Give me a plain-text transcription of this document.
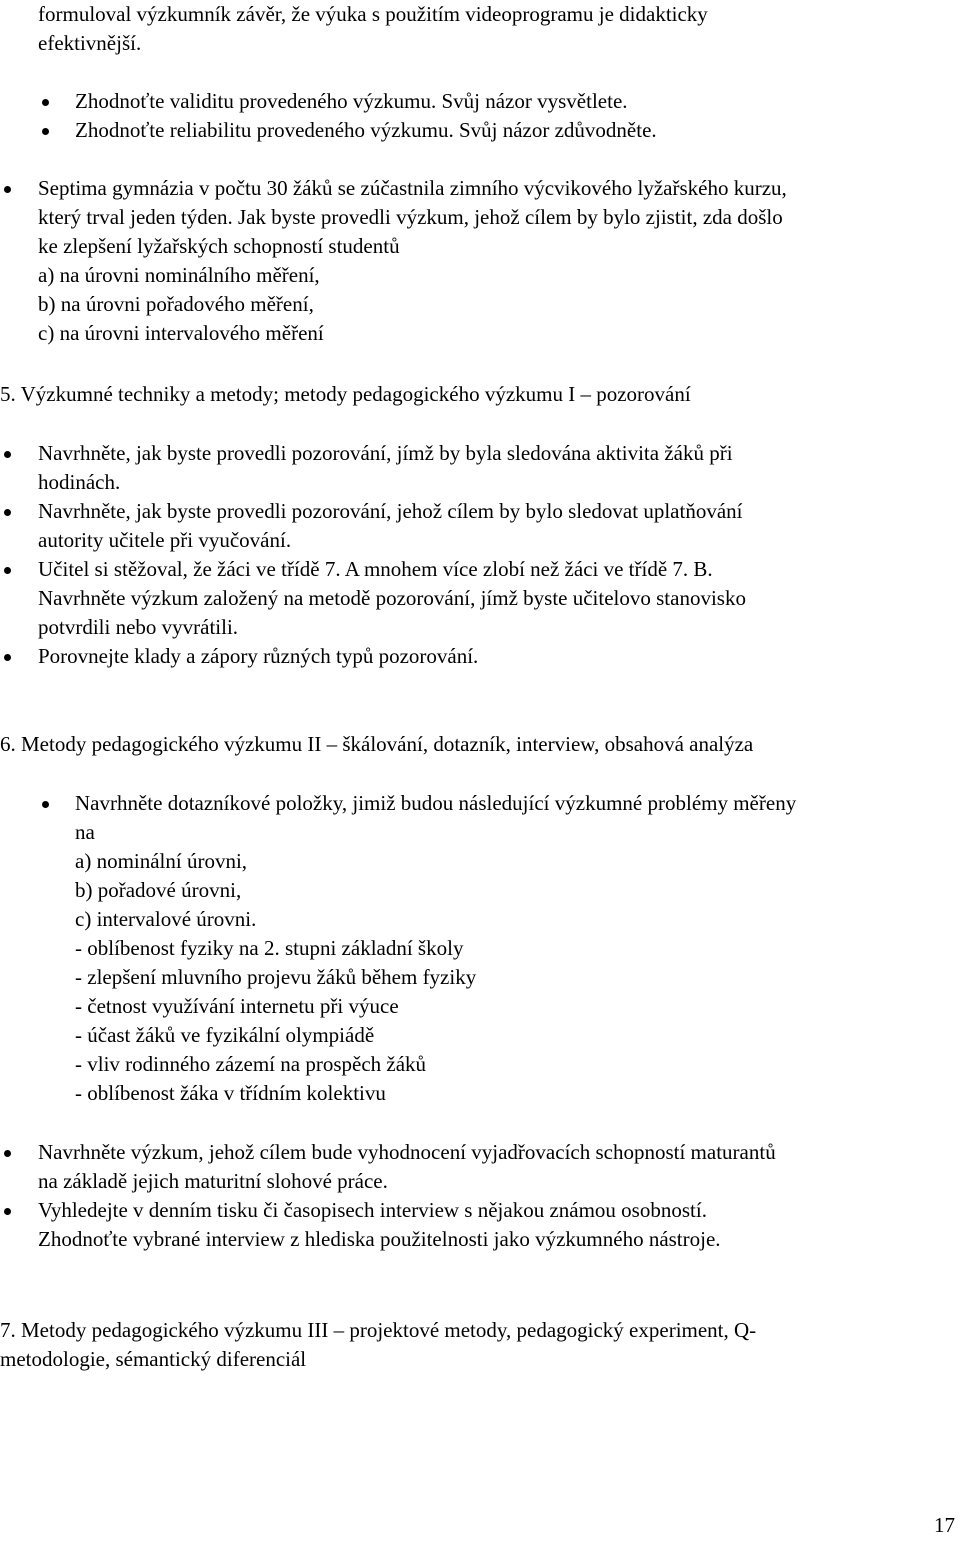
formuloval výzkumník závěr, že výuka s použitím videoprogramu je didakticky
efektivnější.
Zhodnoťte validitu provedeného výzkumu. Svůj názor vysvětlete.
Zhodnoťte reliabilitu provedeného výzkumu. Svůj názor zdůvodněte.
Septima gymnázia v počtu 30 žáků se zúčastnila zimního výcvikového lyžařského kurzu,
který trval jeden týden. Jak byste provedli výzkum, jehož cílem by bylo zjistit, zda došlo
ke zlepšení lyžařských schopností studentů
a) na úrovni nominálního měření,
b) na úrovni pořadového měření,
c) na úrovni intervalového měření
5. Výzkumné techniky a metody; metody pedagogického výzkumu I – pozorování
Navrhněte, jak byste provedli pozorování, jímž by byla sledována aktivita žáků při
hodinách.
Navrhněte, jak byste provedli pozorování, jehož cílem by bylo sledovat uplatňování
autority učitele při vyučování.
Učitel si stěžoval, že žáci ve třídě 7. A mnohem více zlobí než žáci ve třídě 7. B.
Navrhněte výzkum založený na metodě pozorování, jímž byste učitelovo stanovisko
potvrdili nebo vyvrátili.
Porovnejte klady a zápory různých typů pozorování.
6. Metody pedagogického výzkumu II – škálování, dotazník, interview, obsahová analýza
Navrhněte dotazníkové položky, jimiž budou následující výzkumné problémy měřeny
na
a) nominální úrovni,
b) pořadové úrovni,
c) intervalové úrovni.
- oblíbenost fyziky na 2. stupni základní školy
- zlepšení mluvního projevu žáků během fyziky
- četnost využívání internetu při výuce
- účast žáků ve fyzikální olympiádě
- vliv rodinného zázemí na prospěch žáků
- oblíbenost žáka v třídním kolektivu
Navrhněte výzkum, jehož cílem bude vyhodnocení vyjadřovacích schopností maturantů
na základě jejich maturitní slohové práce.
Vyhledejte v denním tisku či časopisech interview s nějakou známou osobností.
Zhodnoťte vybrané interview z hlediska použitelnosti jako výzkumného nástroje.
7. Metody pedagogického výzkumu III – projektové metody, pedagogický experiment, Q-
metodologie, sémantický diferenciál
17
